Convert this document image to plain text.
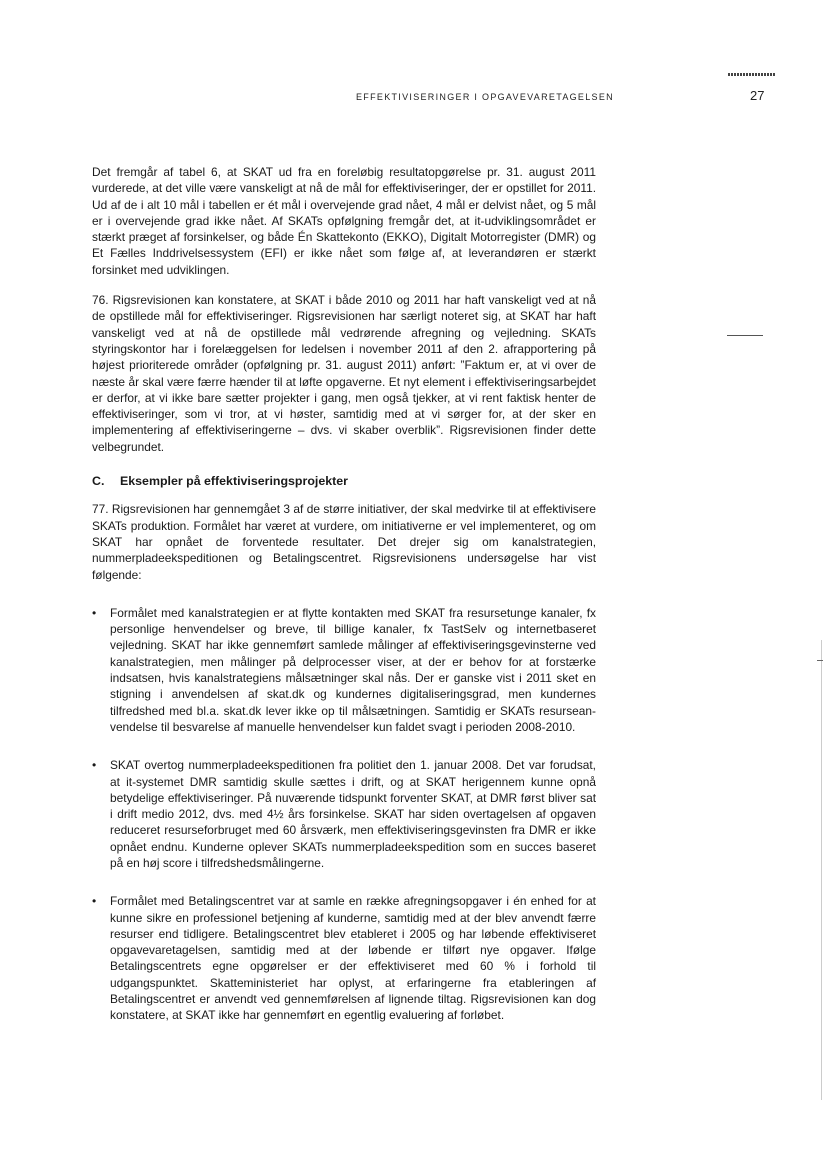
EFFEKTIVISERINGER I OPGAVEVARETAGELSEN	27

Det fremgår af tabel 6, at SKAT ud fra en foreløbig resultatopgørelse pr. 31. august 2011 vurderede, at det ville være vanskeligt at nå de mål for effektiviseringer, der er opstillet for 2011. Ud af de i alt 10 mål i tabellen er ét mål i overvejende grad nået, 4 mål er delvist nået, og 5 mål er i overvejende grad ikke nået. Af SKATs opfølgning fremgår det, at it-udviklingsområdet er stærkt præget af forsinkelser, og både Én Skattekonto (EKKO), Digitalt Motorregister (DMR) og Et Fælles Inddrivelsessystem (EFI) er ikke nået som følge af, at leverandøren er stærkt forsinket med udviklingen.

76. Rigsrevisionen kan konstatere, at SKAT i både 2010 og 2011 har haft vanskeligt ved at nå de opstillede mål for effektiviseringer. Rigsrevisionen har særligt noteret sig, at SKAT har haft vanskeligt ved at nå de opstillede mål vedrørende afregning og vejledning. SKATs styringskontor har i forelæggelsen for ledelsen i november 2011 af den 2. afrapportering på højest prioriterede områder (opfølgning pr. 31. august 2011) anført: ”Faktum er, at vi over de næste år skal være færre hænder til at løfte opgaverne. Et nyt element i effektiviseringsarbejdet er derfor, at vi ikke bare sætter projekter i gang, men også tjekker, at vi rent faktisk henter de effektiviseringer, som vi tror, at vi høster, samtidig med at vi sørger for, at der sker en implementering af effektiviseringerne – dvs. vi skaber overblik”. Rigsrevisionen finder dette velbegrundet.

C. Eksempler på effektiviseringsprojekter

77. Rigsrevisionen har gennemgået 3 af de større initiativer, der skal medvirke til at effektivisere SKATs produktion. Formålet har været at vurdere, om initiativerne er vel implementeret, og om SKAT har opnået de forventede resultater. Det drejer sig om kanalstrategien, nummerpladeekspeditionen og Betalingscentret. Rigsrevisionens undersøgelse har vist følgende:

• Formålet med kanalstrategien er at flytte kontakten med SKAT fra resursetunge kanaler, fx personlige henvendelser og breve, til billige kanaler, fx TastSelv og internetbaseret vejledning. SKAT har ikke gennemført samlede målinger af effektiviseringsgevinsterne ved kanalstrategien, men målinger på delprocesser viser, at der er behov for at forstærke indsatsen, hvis kanalstrategiens målsætninger skal nås. Der er ganske vist i 2011 sket en stigning i anvendelsen af skat.dk og kundernes digitaliseringsgrad, men kundernes tilfredshed med bl.a. skat.dk lever ikke op til målsætningen. Samtidig er SKATs resurseanvendelse til besvarelse af manuelle henvendelser kun faldet svagt i perioden 2008-2010.
• SKAT overtog nummerpladeekspeditionen fra politiet den 1. januar 2008. Det var forudsat, at it-systemet DMR samtidig skulle sættes i drift, og at SKAT herigennem kunne opnå betydelige effektiviseringer. På nuværende tidspunkt forventer SKAT, at DMR først bliver sat i drift medio 2012, dvs. med 4½ års forsinkelse. SKAT har siden overtagelsen af opgaven reduceret resurseforbruget med 60 årsværk, men effektiviseringsgevinsten fra DMR er ikke opnået endnu. Kunderne oplever SKATs nummerpladeekspedition som en succes baseret på en høj score i tilfredshedsmålingerne.
• Formålet med Betalingscentret var at samle en række afregningsopgaver i én enhed for at kunne sikre en professionel betjening af kunderne, samtidig med at der blev anvendt færre resurser end tidligere. Betalingscentret blev etableret i 2005 og har løbende effektiviseret opgavevaretagelsen, samtidig med at der løbende er tilført nye opgaver. Ifølge Betalingscentrets egne opgørelser er der effektiviseret med 60 % i forhold til udgangspunktet. Skatteministeriet har oplyst, at erfaringerne fra etableringen af Betalingscentret er anvendt ved gennemførelsen af lignende tiltag. Rigsrevisionen kan dog konstatere, at SKAT ikke har gennemført en egentlig evaluering af forløbet.
